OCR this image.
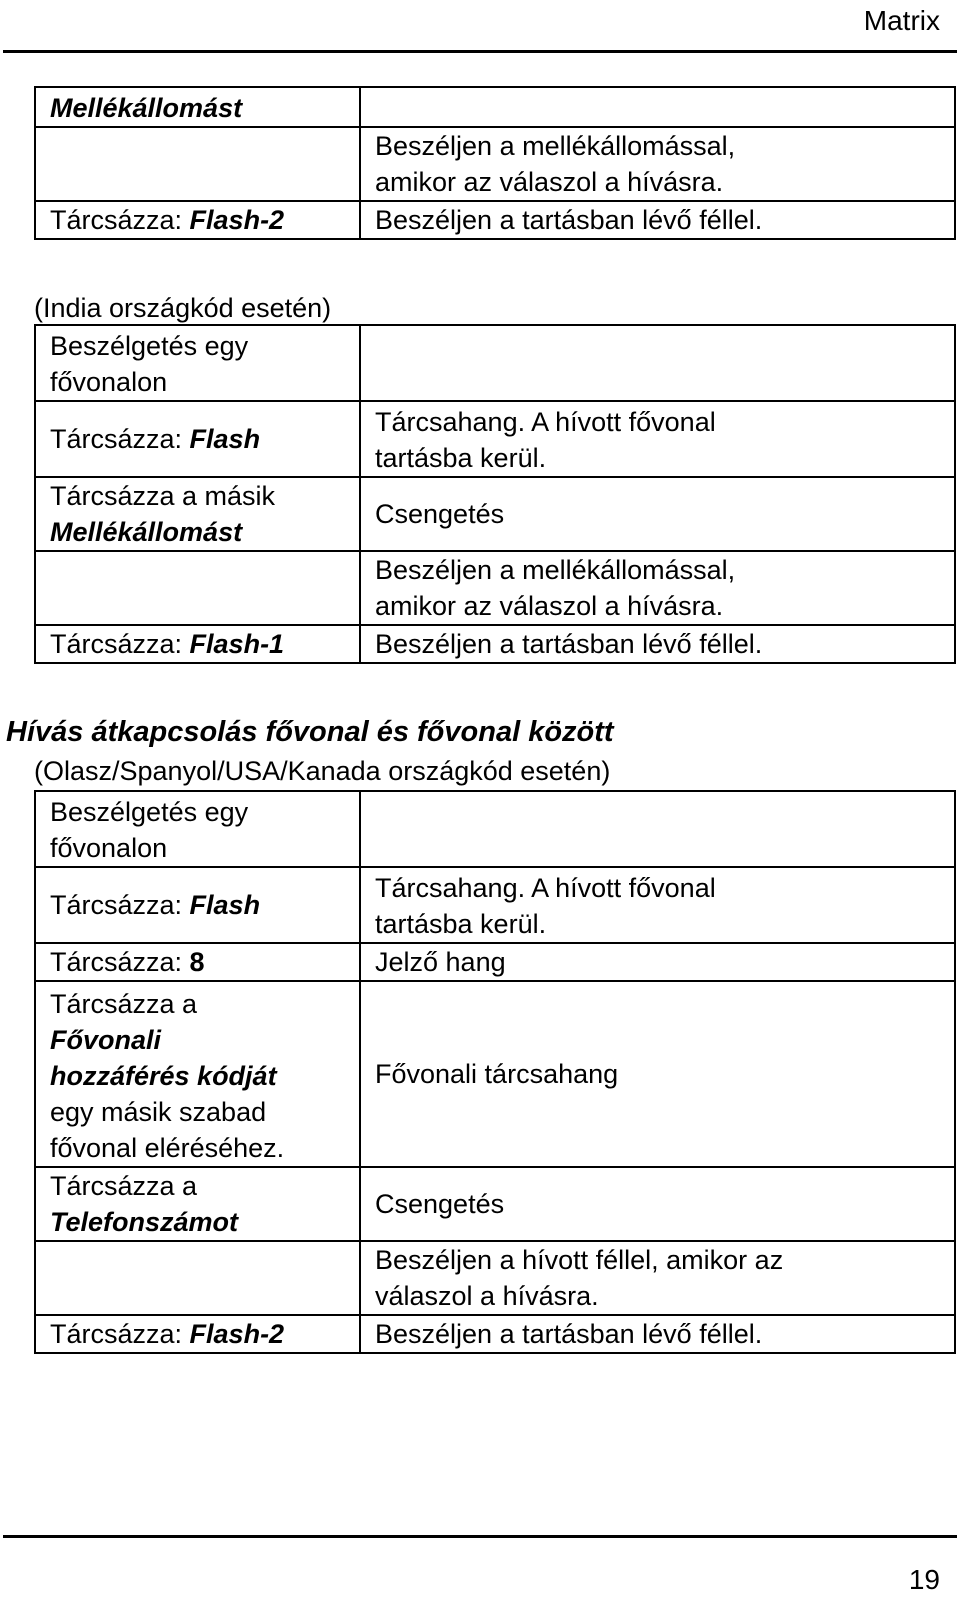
Matrix
Mellékállomást	

	Beszéljen a mellékállomással,
amikor az válaszol a hívásra.

Tárcsázza: Flash-2	Beszéljen a tartásban lévő féllel.
(India országkód esetén)
Beszélgetés egy
fővonalon	

Tárcsázza: Flash	Tárcsahang. A hívott fővonal
tartásba kerül.

Tárcsázza a másik
Mellékállomást	Csengetés

	Beszéljen a mellékállomással,
amikor az válaszol a hívásra.

Tárcsázza: Flash-1	Beszéljen a tartásban lévő féllel.
Hívás átkapcsolás fővonal és fővonal között
(Olasz/Spanyol/USA/Kanada országkód esetén)
Beszélgetés egy
fővonalon	

Tárcsázza: Flash	Tárcsahang. A hívott fővonal
tartásba kerül.

Tárcsázza: 8	Jelző hang

Tárcsázza a
Fővonali
hozzáférés kódját
egy másik szabad
fővonal eléréséhez.	Fővonali tárcsahang

Tárcsázza a
Telefonszámot	Csengetés

	Beszéljen a hívott féllel, amikor az
válaszol a hívásra.

Tárcsázza: Flash-2	Beszéljen a tartásban lévő féllel.
19
